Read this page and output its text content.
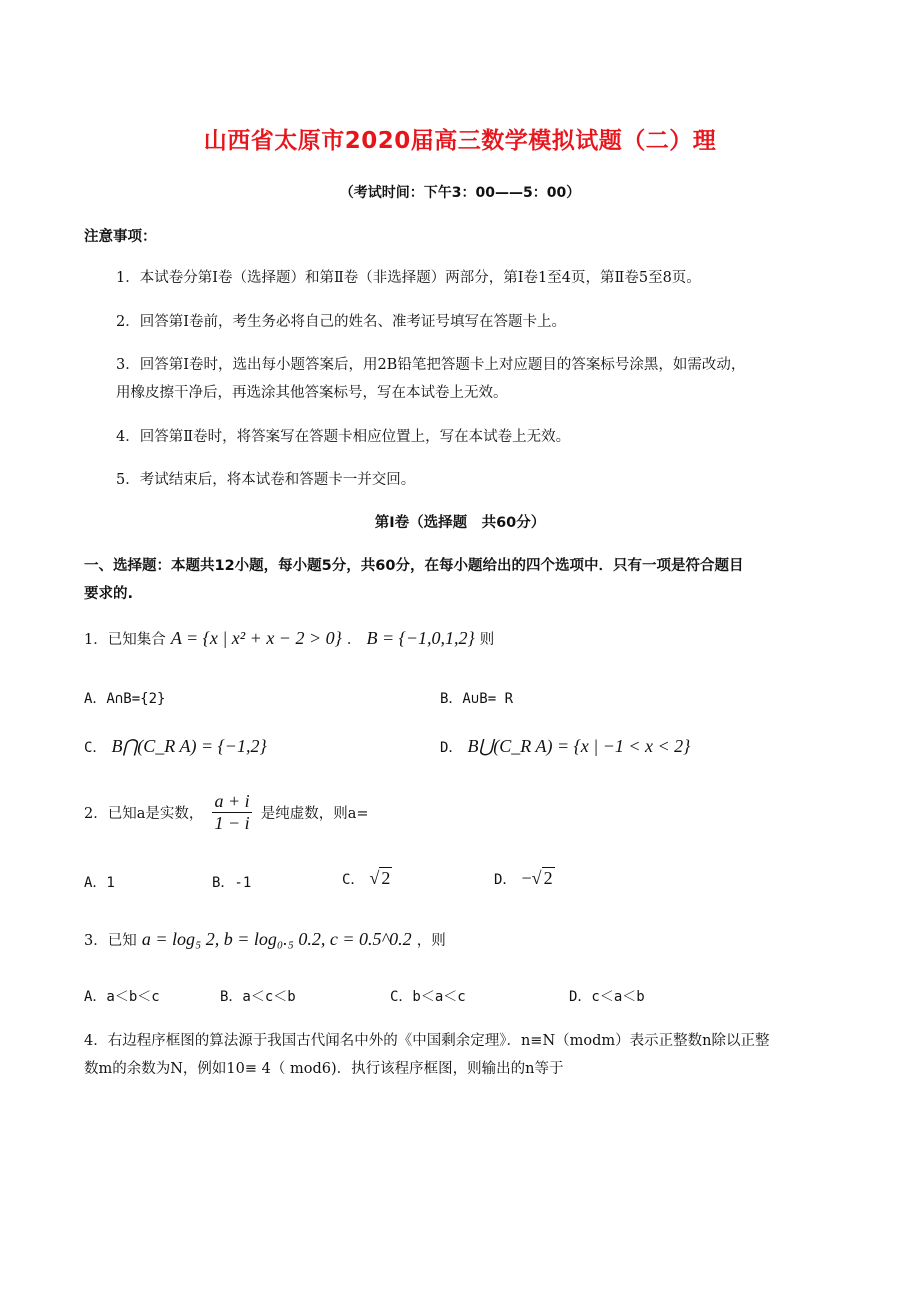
山西省太原市2020届高三数学模拟试题（二）理
（考试时间：下午3：00——5：00）
注意事项：
1．本试卷分第Ⅰ卷（选择题）和第Ⅱ卷（非选择题）两部分，第Ⅰ卷1至4页，第Ⅱ卷5至8页。
2．回答第Ⅰ卷前，考生务必将自己的姓名、准考证号填写在答题卡上。
3．回答第Ⅰ卷时，选出每小题答案后，用2B铅笔把答题卡上对应题目的答案标号涂黑，如需改动，
用橡皮擦干净后，再选涂其他答案标号，写在本试卷上无效。
4．回答第Ⅱ卷时，将答案写在答题卡相应位置上，写在本试卷上无效。
5．考试结束后，将本试卷和答题卡一并交回。
第Ⅰ卷（选择题　共60分）
一、选择题：本题共12小题，每小题5分，共60分，在每小题给出的四个选项中．只有一项是符合题目
要求的.
1．已知集合 A = {x | x² + x − 2 > 0} ． B = {−1,0,1,2} 则
A．A∩B={2}	B．A∪B= R
C． B⋂(C_R A) = {−1,2}	D． B⋃(C_R A) = {x | −1 < x < 2}
2．已知a是实数， $\frac{a + i}{1 - i}$ 是纯虚数，则a=
A．1	B．-1	C． √ 2	D． −√ 2
3．已知 a = log₅ 2, b = log₀.₅ 0.2, c = 0.5^0.2 ，则
A．a＜b＜c	B．a＜c＜b	C．b＜a＜c	D．c＜a＜b
4．右边程序框图的算法源于我国古代闻名中外的《中国剩余定理》．n≡N（modm）表示正整数n除以正整
数m的余数为N，例如10≡ 4（ mod6)．执行该程序框图，则输出的n等于
